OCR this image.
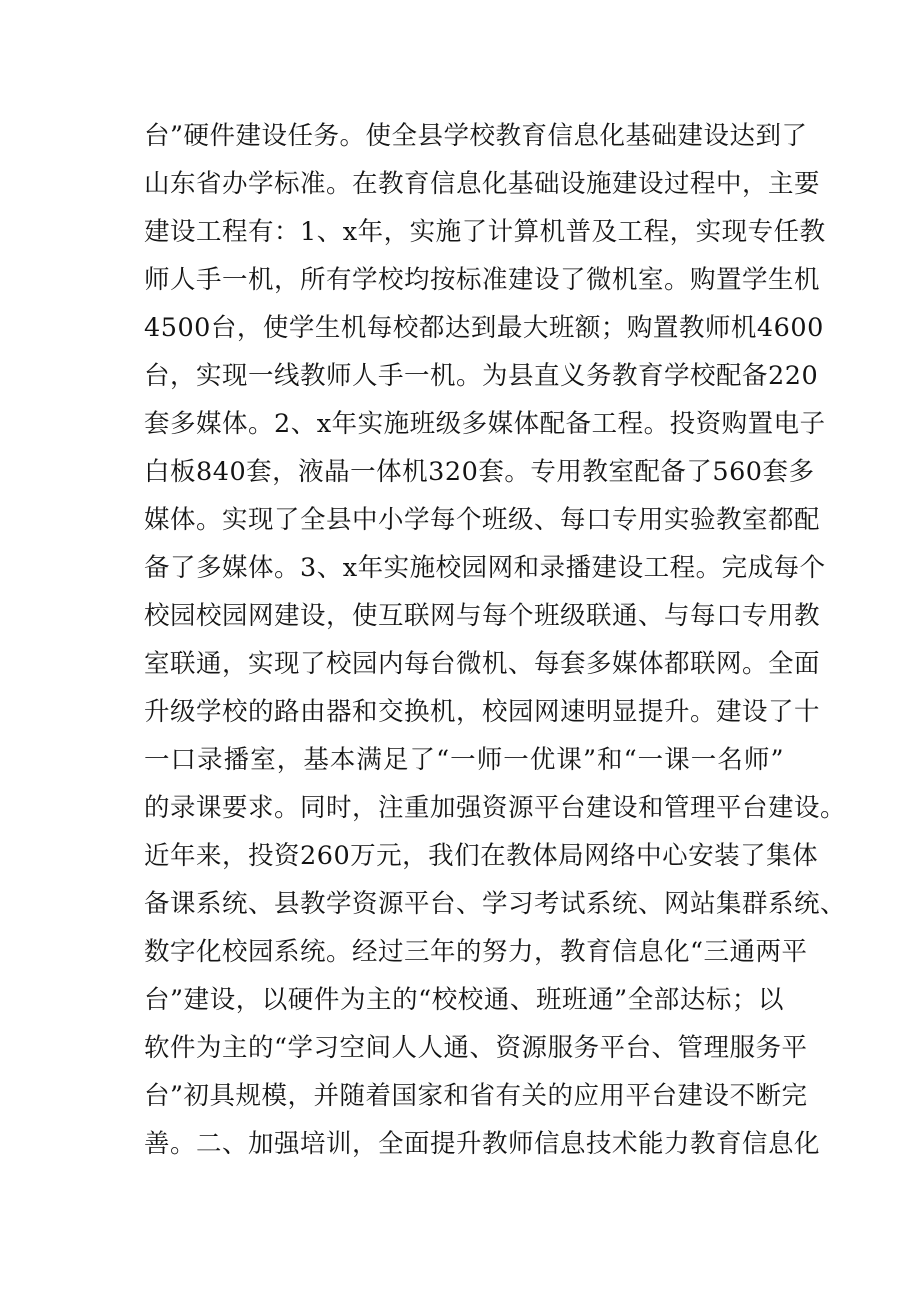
台”硬件建设任务。使全县学校教育信息化基础建设达到了
山东省办学标准。在教育信息化基础设施建设过程中，主要
建设工程有：1、x年，实施了计算机普及工程，实现专任教
师人手一机，所有学校均按标准建设了微机室。购置学生机
4500台，使学生机每校都达到最大班额；购置教师机4600
台，实现一线教师人手一机。为县直义务教育学校配备220
套多媒体。2、x年实施班级多媒体配备工程。投资购置电子
白板840套，液晶一体机320套。专用教室配备了560套多
媒体。实现了全县中小学每个班级、每口专用实验教室都配
备了多媒体。3、x年实施校园网和录播建设工程。完成每个
校园校园网建设，使互联网与每个班级联通、与每口专用教
室联通，实现了校园内每台微机、每套多媒体都联网。全面
升级学校的路由器和交换机，校园网速明显提升。建设了十
一口录播室，基本满足了“一师一优课”和“一课一名师”
的录课要求。同时，注重加强资源平台建设和管理平台建设。
近年来，投资260万元，我们在教体局网络中心安装了集体
备课系统、县教学资源平台、学习考试系统、网站集群系统、
数字化校园系统。经过三年的努力，教育信息化“三通两平
台”建设，以硬件为主的“校校通、班班通”全部达标；以
软件为主的“学习空间人人通、资源服务平台、管理服务平
台”初具规模，并随着国家和省有关的应用平台建设不断完
善。二、加强培训，全面提升教师信息技术能力教育信息化
